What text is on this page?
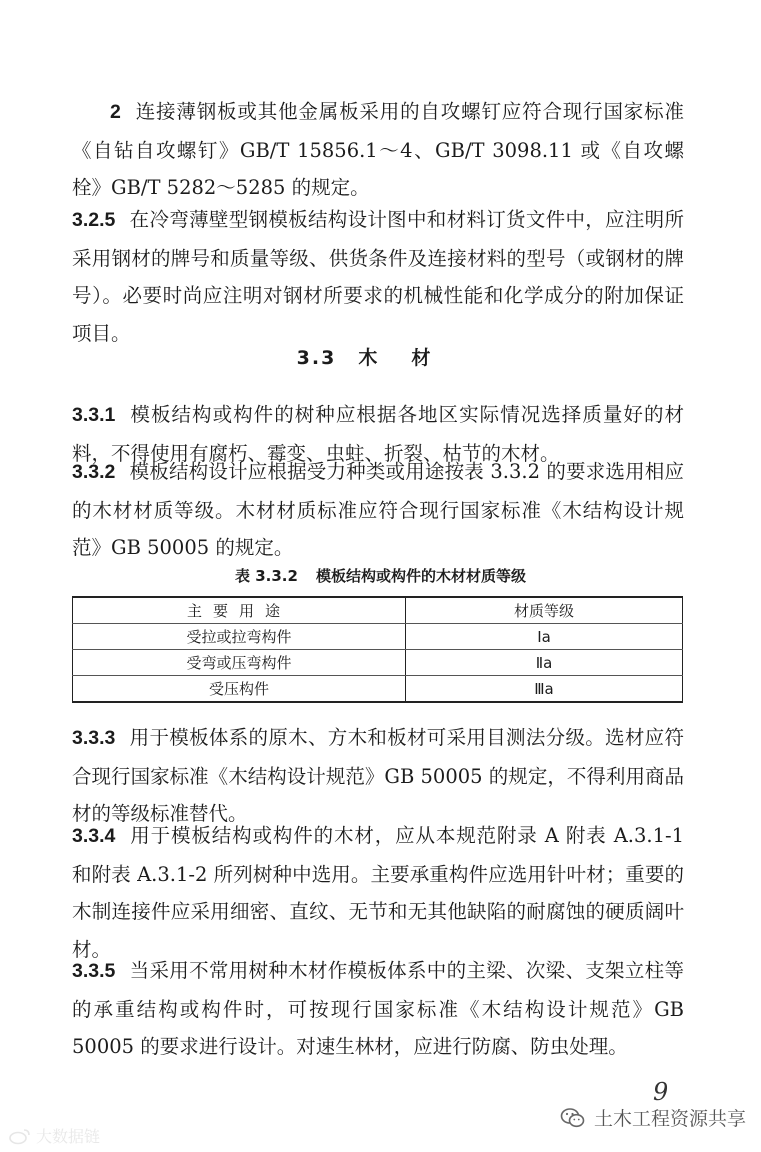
2 连接薄钢板或其他金属板采用的自攻螺钉应符合现行国家标准《自钻自攻螺钉》GB/T 15856.1～4、GB/T 3098.11 或《自攻螺栓》GB/T 5282～5285 的规定。

3.2.5 在冷弯薄壁型钢模板结构设计图中和材料订货文件中，应注明所采用钢材的牌号和质量等级、供货条件及连接材料的型号（或钢材的牌号）。必要时尚应注明对钢材所要求的机械性能和化学成分的附加保证项目。

3.3 木材

3.3.1 模板结构或构件的树种应根据各地区实际情况选择质量好的材料，不得使用有腐朽、霉变、虫蛀、折裂、枯节的木材。

3.3.2 模板结构设计应根据受力种类或用途按表 3.3.2 的要求选用相应的木材材质等级。木材材质标准应符合现行国家标准《木结构设计规范》GB 50005 的规定。

表 3.3.2 模板结构或构件的木材材质等级
主要用途	材质等级
受拉或拉弯构件	Ⅰa
受弯或压弯构件	Ⅱa
受压构件	Ⅲa

3.3.3 用于模板体系的原木、方木和板材可采用目测法分级。选材应符合现行国家标准《木结构设计规范》GB 50005 的规定，不得利用商品材的等级标准替代。

3.3.4 用于模板结构或构件的木材，应从本规范附录 A 附表 A.3.1-1 和附表 A.3.1-2 所列树种中选用。主要承重构件应选用针叶材；重要的木制连接件应采用细密、直纹、无节和无其他缺陷的耐腐蚀的硬质阔叶材。

3.3.5 当采用不常用树种木材作模板体系中的主梁、次梁、支架立柱等的承重结构或构件时，可按现行国家标准《木结构设计规范》GB 50005 的要求进行设计。对速生林材，应进行防腐、防虫处理。

9
土木工程资源共享
大数据链
